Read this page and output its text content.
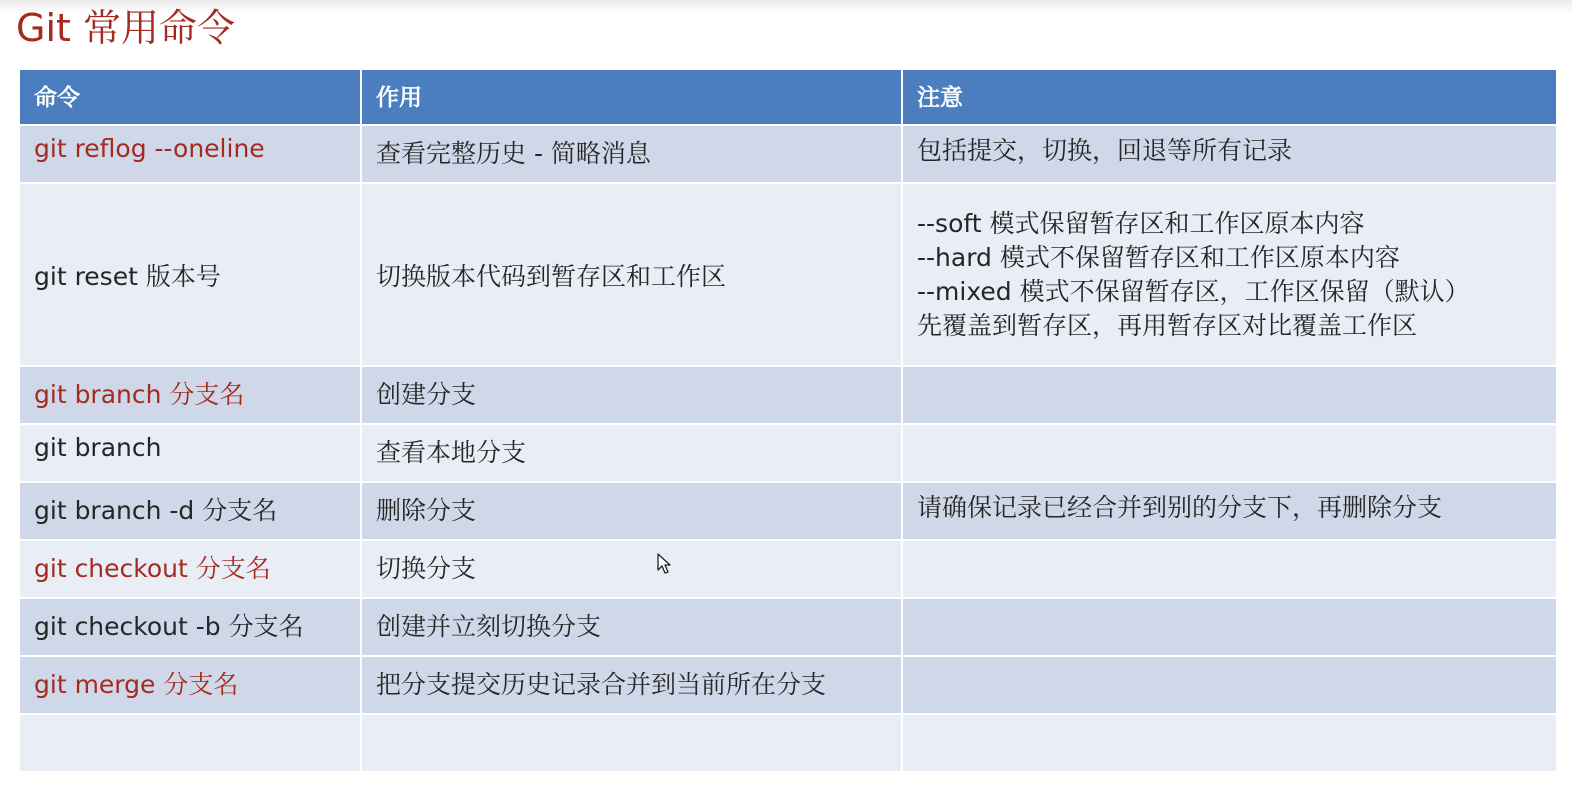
Git 常用命令
命令	作用	注意
git reflog --oneline	查看完整历史 - 简略消息	包括提交，切换，回退等所有记录

git reset 版本号	切换版本代码到暂存区和工作区	--soft 模式保留暂存区和工作区原本内容
--hard 模式不保留暂存区和工作区原本内容
--mixed 模式不保留暂存区，工作区保留（默认）
先覆盖到暂存区，再用暂存区对比覆盖工作区

git branch 分支名	创建分支	

git branch	查看本地分支	

git branch -d 分支名	删除分支	请确保记录已经合并到别的分支下，再删除分支

git checkout 分支名	切换分支	

git checkout -b 分支名	创建并立刻切换分支	

git merge 分支名	把分支提交历史记录合并到当前所在分支	
